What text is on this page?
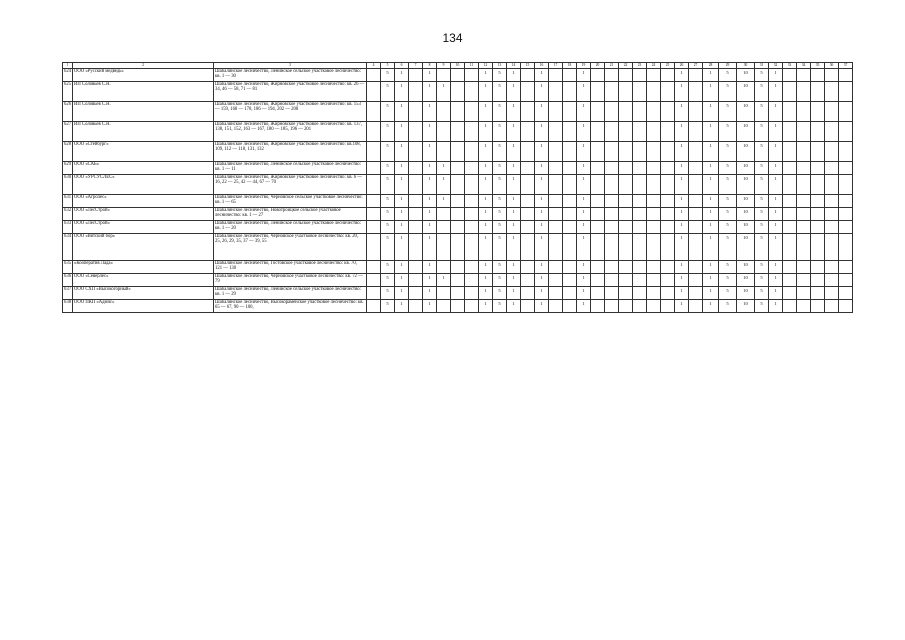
134
1	2	3	4	5	6	7	8	9	10	11	12	13	14	15	16	17	18	19	20	21	22	23	24	25	26	27	28	29	30	31	32	33	34	35	36	37
624	ООО «Русский медведь»	Шабалинское лесничество, Ленинское сельское участковое лесничество: кв. 1 — 30		5	1		1				1	5	1		1			1							1		1	5	10	5	1					
625	ИП Соловьёв С.Н.	Шабалинское лесничество, Жирновское участковое лесничество: кв. 26 — 34, 46 — 58, 71 — 81		5	1		1	1			1	5	1		1			1							1		1	5	10	5	1					
626	ИП Соловьёв С.Н.	Шабалинское лесничество, Жирновское участковое лесничество: кв. 153 — 159, 168 — 178, 186 — 194, 202 — 208		5	1		1				1	5	1		1			1							1		1	5	10	5	1					
627	ИП Соловьёв С.Н.	Шабалинское лесничество, Жирновское участковое лесничество: кв. 137, 138, 151, 152, 163 — 167, 180 — 185, 196 — 201		5	1		1				1	5	1		1			1							1		1	5	10	5	1					
628	ООО «Стейбург»	Шабалинское лесничество, Жирновское участковое лесничество: кв.108, 109, 112 — 118, 131, 132		5	1		1				1	5	1		1			1							1		1	5	10	5	1					
629	ООО «САБ»	Шабалинское лесничество, Ленинское сельское участковое лесничество: кв. 1 — 11		5	1		1	1			1	5	1		1			1							1		1	5	10	5	1					
630	ООО «УРСУСЛЕС»	Шабалинское лесничество, Жирновское участковое лесничество: кв. 6 — 16, 22 — 25, 42 — 44, 67 — 70		5	1		1	1			1	5	1		1			1							1		1	5	10	5	1					
631	ООО «Агролес»	Шабалинское лесничество, Черновское сельское участковое лесничество: кв. 1 — 65		5	1		1	1			1	5	1		1			1							1		1	5	10	5	1					
632	ООО «ЛесСтрой»	Шабалинское лесничество, Новотроицкое сельское участковое лесничество: кв. 1 — 27		5	1		1				1	5	1		1			1							1		1	5	10	5	1					
633	ООО «ЛесСтрой»	Шабалинское лесничество, Ленинское сельское участковое лесничество: кв. 1 — 20		5	1		1				1	5	1		1			1							1		1	5	10	5	1					
634	ООО «Вятский бор»	Шабалинское лесничество, Черновское участковое лесничество: кв. 20, 25, 26, 29, 35, 37 — 39, 55		5	1		1				1	5	1		1			1							1		1	5	10	5	1					
635	«Кооператив Лада»	Шабалинское лесничество, Гостовское участковое лесничество: кв. 70, 121 — 130		5	1		1				1	5	1		1			1							1		1	5	10	5	1					
636	ООО «Северлес»	Шабалинское лесничество, Черновское участковое лесничество: кв. 72 — 79		5	1		1	1			1	5	1		1			1							1		1	5	10	5	1					
637	ООО СХП «Высокогорный»	Шабалинское лесничество, Ленинское сельское участковое лесничество: кв. 1 — 29		5	1		1				1	5	1		1			1							1		1	5	10	5	1					
638	ООО ПКП «Адмис»	Шабалинское лесничество, Высокораменское участковое лесничество: кв. 65 — 67, 90 — 100,		5	1		1				1	5	1		1			1							1		1	5	10	5	1					
